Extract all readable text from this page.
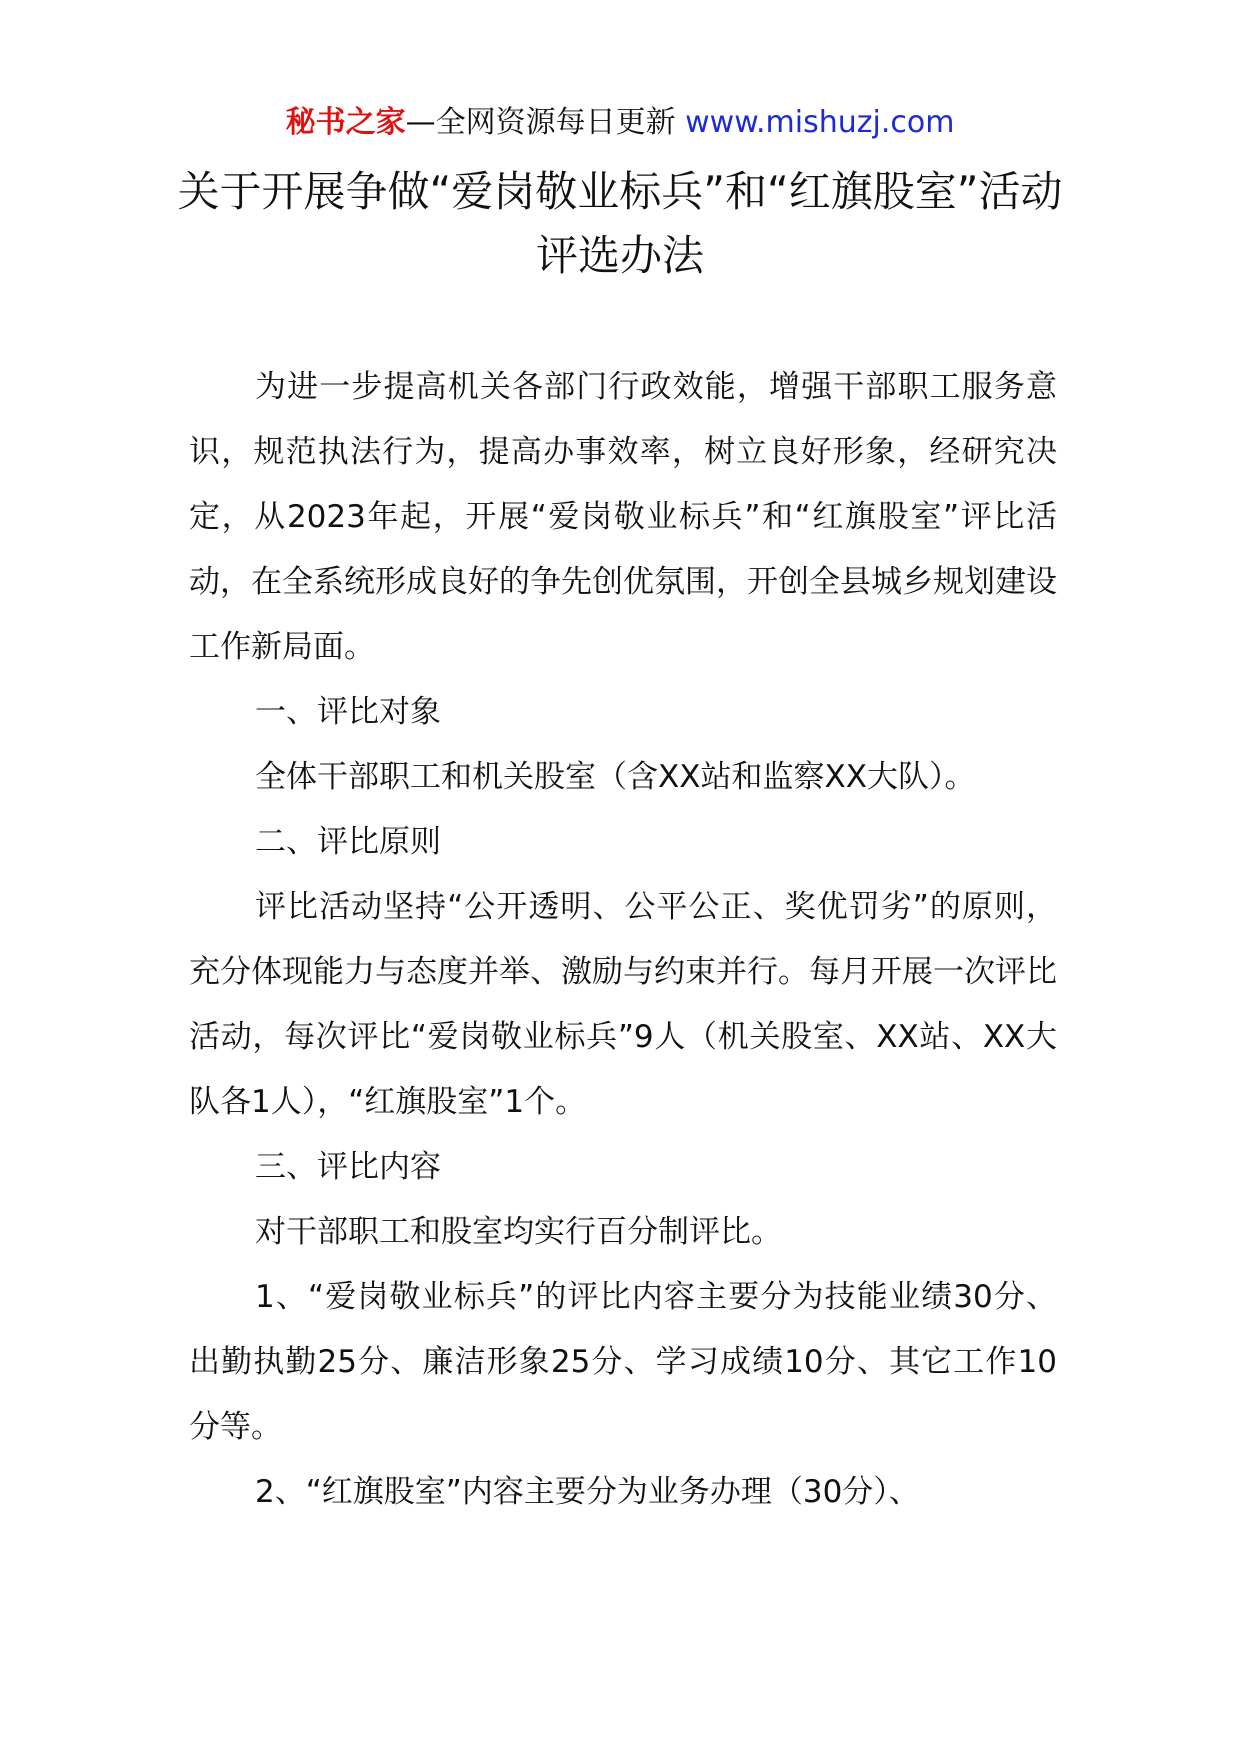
秘书之家—全网资源每日更新 www.mishuzj.com
关于开展争做“爱岗敬业标兵”和“红旗股室”活动评选办法

为进一步提高机关各部门行政效能，增强干部职工服务意识，规范执法行为，提高办事效率，树立良好形象，经研究决定，从2023年起，开展“爱岗敬业标兵”和“红旗股室”评比活动，在全系统形成良好的争先创优氛围，开创全县城乡规划建设工作新局面。

一、评比对象

全体干部职工和机关股室（含XX站和监察XX大队）。

二、评比原则

评比活动坚持“公开透明、公平公正、奖优罚劣”的原则，充分体现能力与态度并举、激励与约束并行。每月开展一次评比活动，每次评比“爱岗敬业标兵”9人（机关股室、XX站、XX大队各1人），“红旗股室”1个。

三、评比内容

对干部职工和股室均实行百分制评比。

1、“爱岗敬业标兵”的评比内容主要分为技能业绩30分、出勤执勤25分、廉洁形象25分、学习成绩10分、其它工作10分等。

2、“红旗股室”内容主要分为业务办理（30分）、
